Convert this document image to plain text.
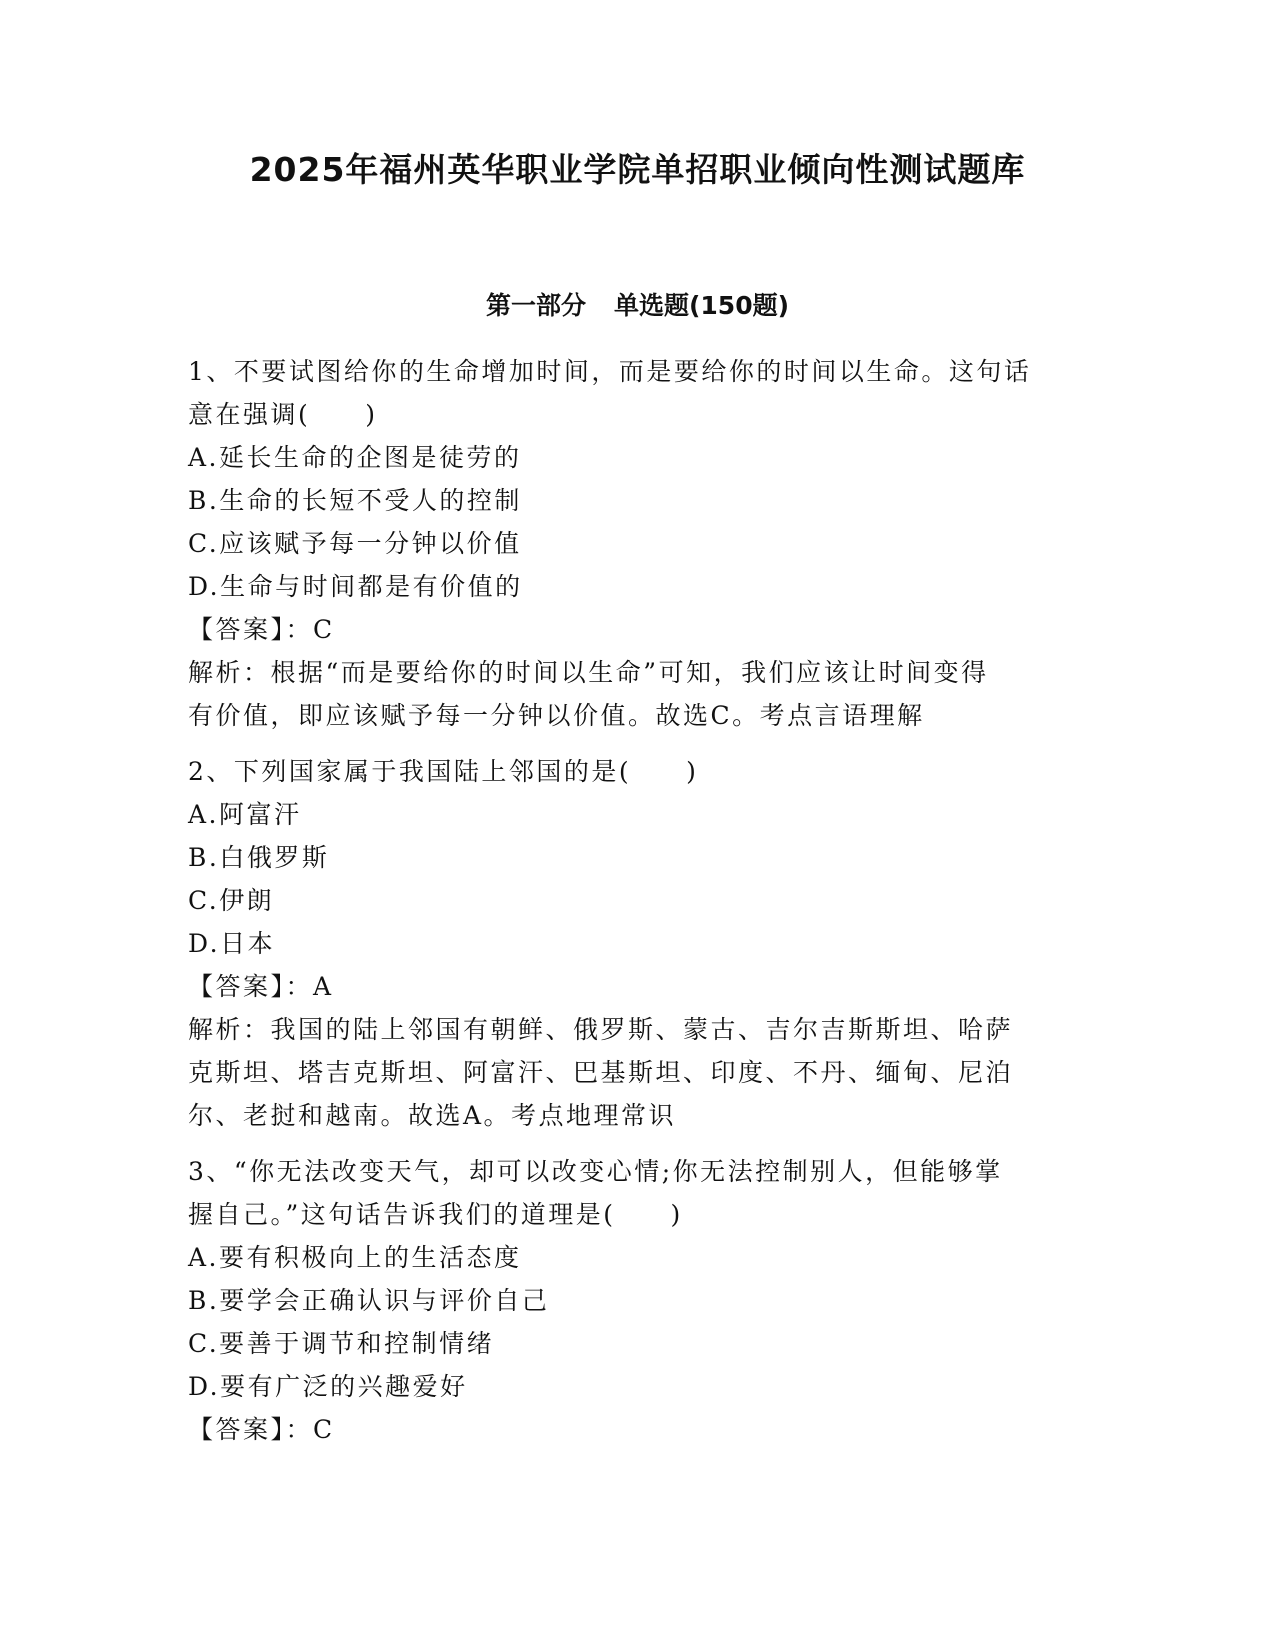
2025年福州英华职业学院单招职业倾向性测试题库
第一部分 单选题(150题)

1、不要试图给你的生命增加时间，而是要给你的时间以生命。这句话

意在强调(　　)

A.延长生命的企图是徒劳的

B.生命的长短不受人的控制

C.应该赋予每一分钟以价值

D.生命与时间都是有价值的

【答案】：C

解析：根据“而是要给你的时间以生命”可知，我们应该让时间变得

有价值，即应该赋予每一分钟以价值。故选C。考点言语理解

2、下列国家属于我国陆上邻国的是(　　)

A.阿富汗

B.白俄罗斯

C.伊朗

D.日本

【答案】：A

解析：我国的陆上邻国有朝鲜、俄罗斯、蒙古、吉尔吉斯斯坦、哈萨

克斯坦、塔吉克斯坦、阿富汗、巴基斯坦、印度、不丹、缅甸、尼泊

尔、老挝和越南。故选A。考点地理常识

3、“你无法改变天气，却可以改变心情;你无法控制别人，但能够掌

握自己。”这句话告诉我们的道理是(　　)

A.要有积极向上的生活态度

B.要学会正确认识与评价自己

C.要善于调节和控制情绪

D.要有广泛的兴趣爱好

【答案】：C
